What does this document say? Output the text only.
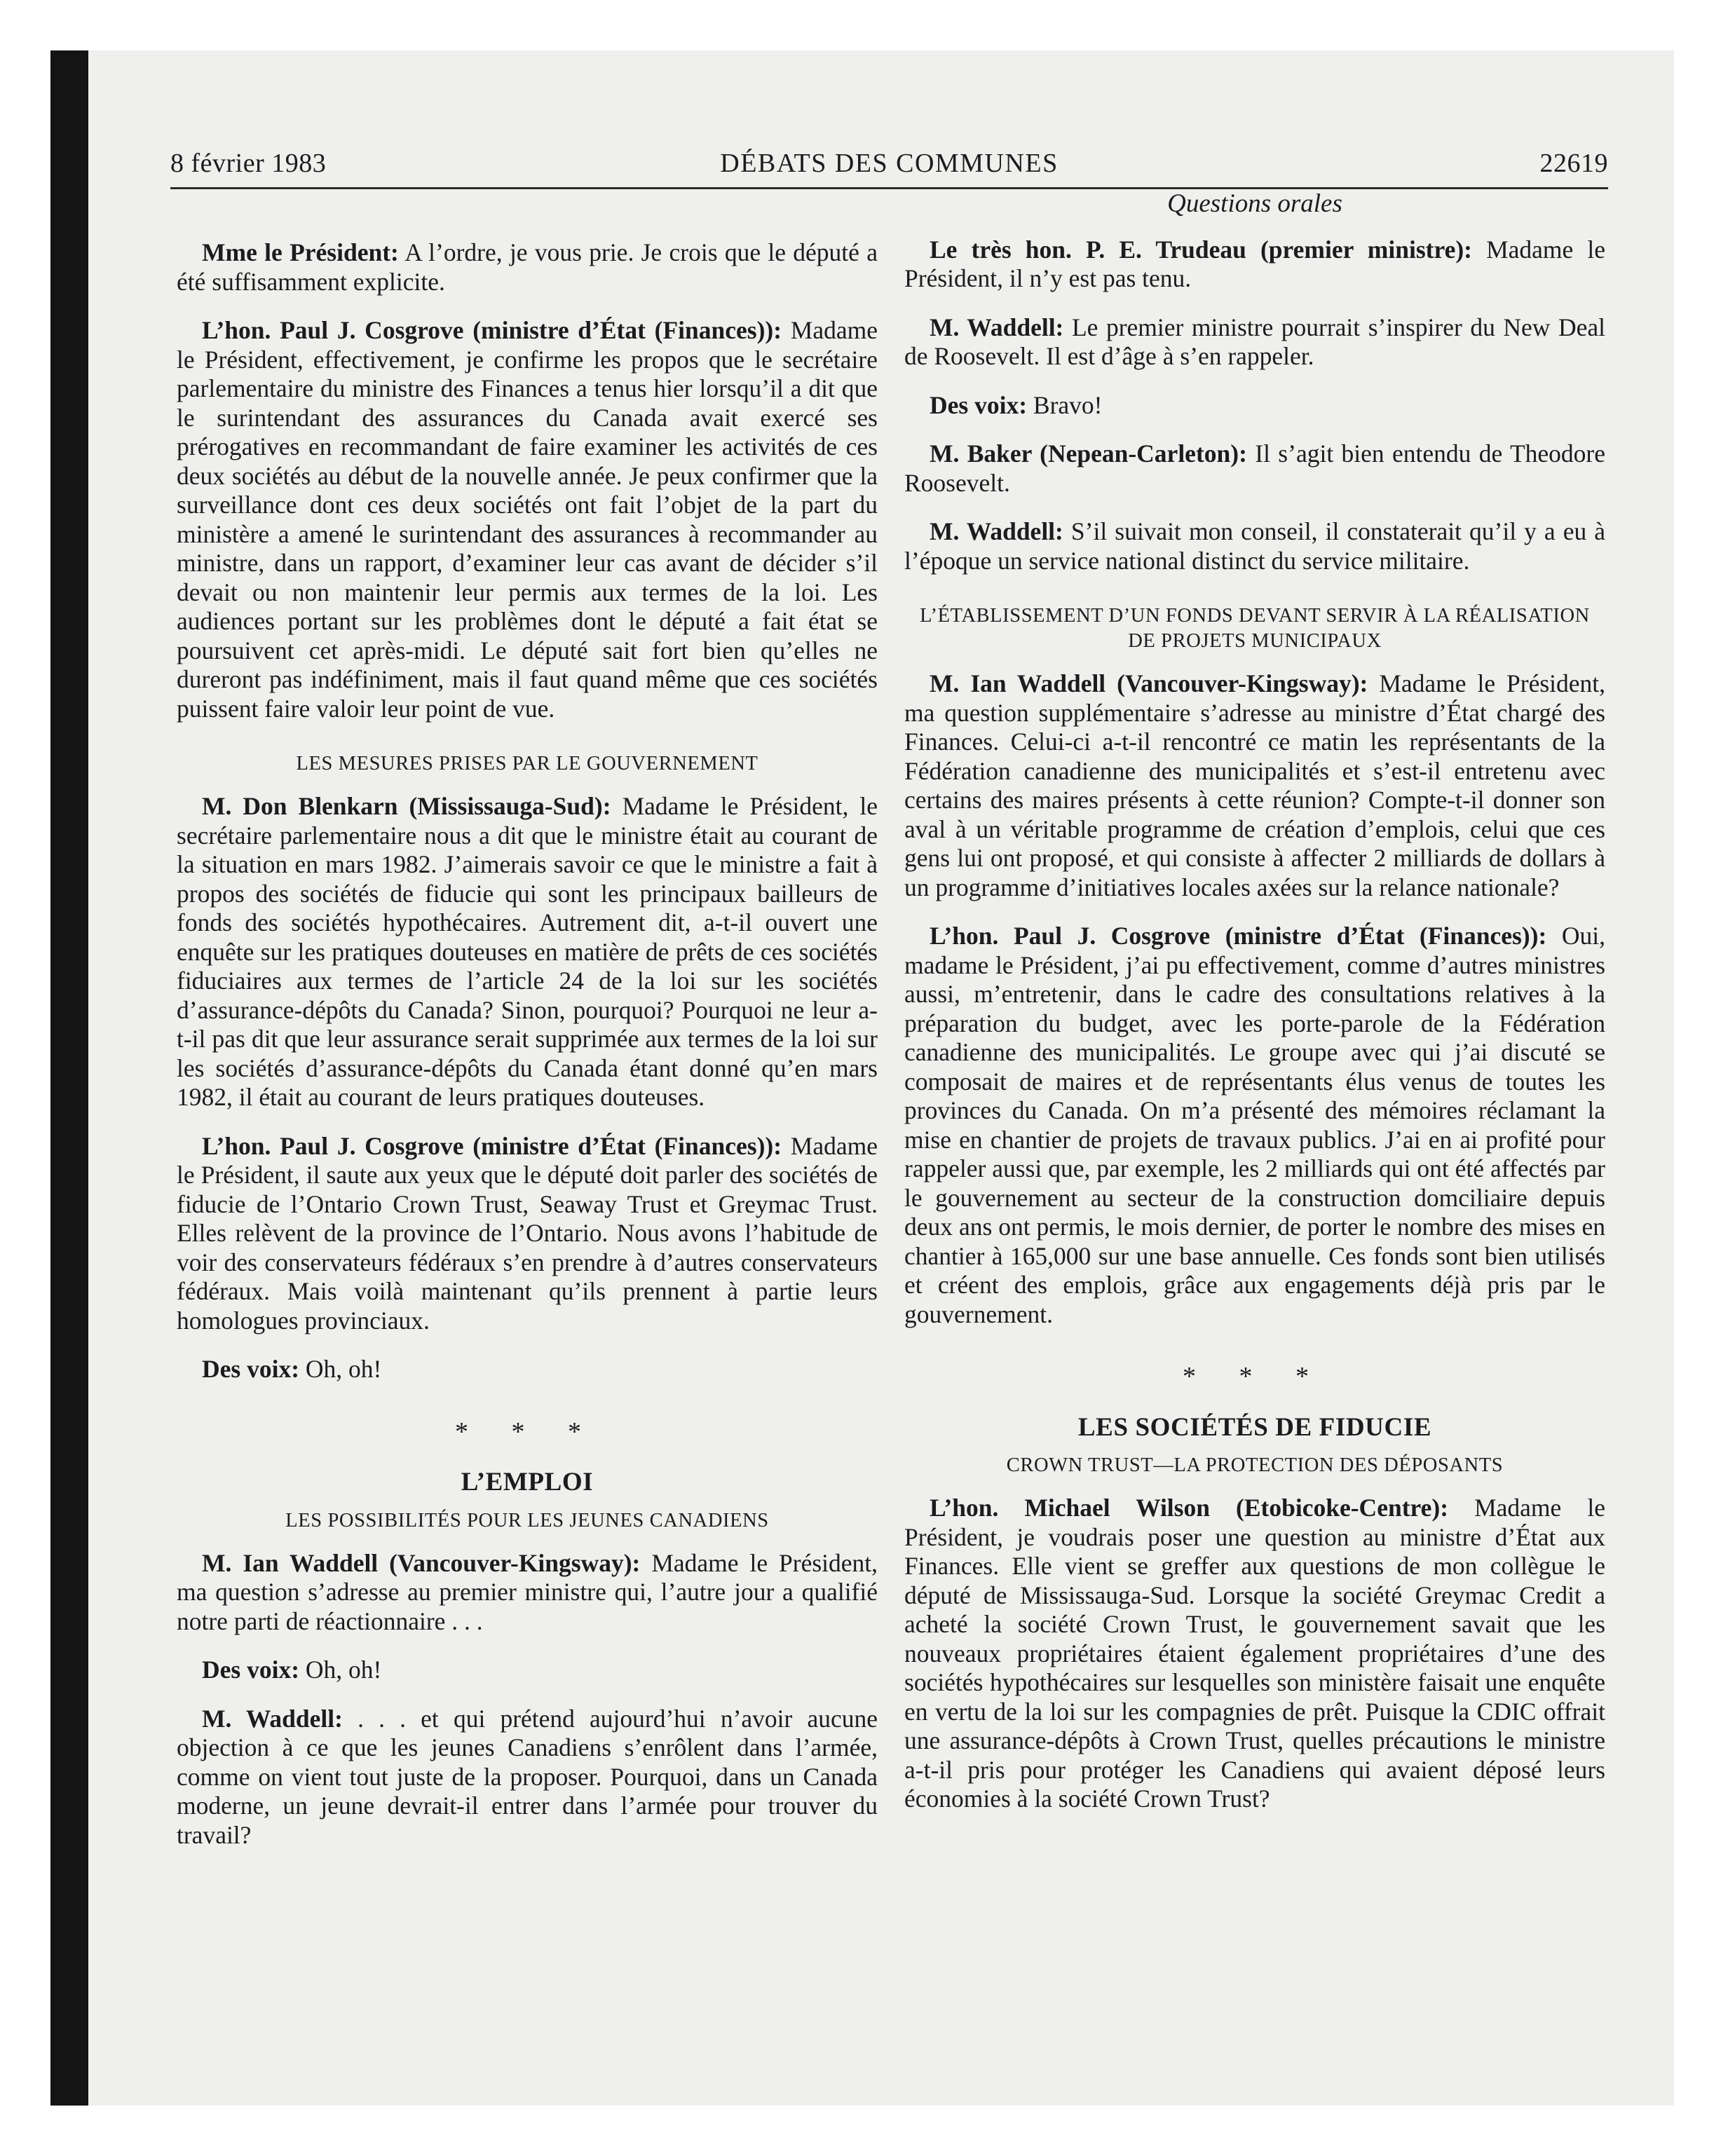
DÉBATS DES COMMUNES
8 février 1983	22619

Mme le Président: A l’ordre, je vous prie. Je crois que le député a été suffisamment explicite.

L’hon. Paul J. Cosgrove (ministre d’État (Finances)): Madame le Président, effectivement, je confirme les propos que le secrétaire parlementaire du ministre des Finances a tenus hier lorsqu’il a dit que le surintendant des assurances du Canada avait exercé ses prérogatives en recommandant de faire examiner les activités de ces deux sociétés au début de la nouvelle année. Je peux confirmer que la surveillance dont ces deux sociétés ont fait l’objet de la part du ministère a amené le surintendant des assurances à recommander au ministre, dans un rapport, d’examiner leur cas avant de décider s’il devait ou non maintenir leur permis aux termes de la loi. Les audiences portant sur les problèmes dont le député a fait état se poursuivent cet après-midi. Le député sait fort bien qu’elles ne dureront pas indéfiniment, mais il faut quand même que ces sociétés puissent faire valoir leur point de vue.

LES MESURES PRISES PAR LE GOUVERNEMENT

M. Don Blenkarn (Mississauga-Sud): Madame le Président, le secrétaire parlementaire nous a dit que le ministre était au courant de la situation en mars 1982. J’aimerais savoir ce que le ministre a fait à propos des sociétés de fiducie qui sont les principaux bailleurs de fonds des sociétés hypothécaires. Autrement dit, a-t-il ouvert une enquête sur les pratiques douteuses en matière de prêts de ces sociétés fiduciaires aux termes de l’article 24 de la loi sur les sociétés d’assurance-dépôts du Canada? Sinon, pourquoi? Pourquoi ne leur a-t-il pas dit que leur assurance serait supprimée aux termes de la loi sur les sociétés d’assurance-dépôts du Canada étant donné qu’en mars 1982, il était au courant de leurs pratiques douteuses.

L’hon. Paul J. Cosgrove (ministre d’État (Finances)): Madame le Président, il saute aux yeux que le député doit parler des sociétés de fiducie de l’Ontario Crown Trust, Seaway Trust et Greymac Trust. Elles relèvent de la province de l’Ontario. Nous avons l’habitude de voir des conservateurs fédéraux s’en prendre à d’autres conservateurs fédéraux. Mais voilà maintenant qu’ils prennent à partie leurs homologues provinciaux.

Des voix: Oh, oh!

* * *
L’EMPLOI
LES POSSIBILITÉS POUR LES JEUNES CANADIENS

M. Ian Waddell (Vancouver-Kingsway): Madame le Président, ma question s’adresse au premier ministre qui, l’autre jour a qualifié notre parti de réactionnaire . . .

Des voix: Oh, oh!

M. Waddell: . . . et qui prétend aujourd’hui n’avoir aucune objection à ce que les jeunes Canadiens s’enrôlent dans l’armée, comme on vient tout juste de la proposer. Pourquoi, dans un Canada moderne, un jeune devrait-il entrer dans l’armée pour trouver du travail?

Questions orales

Le très hon. P. E. Trudeau (premier ministre): Madame le Président, il n’y est pas tenu.

M. Waddell: Le premier ministre pourrait s’inspirer du New Deal de Roosevelt. Il est d’âge à s’en rappeler.

Des voix: Bravo!

M. Baker (Nepean-Carleton): Il s’agit bien entendu de Theodore Roosevelt.

M. Waddell: S’il suivait mon conseil, il constaterait qu’il y a eu à l’époque un service national distinct du service militaire.

L’ÉTABLISSEMENT D’UN FONDS DEVANT SERVIR À LA RÉALISATION DE PROJETS MUNICIPAUX

M. Ian Waddell (Vancouver-Kingsway): Madame le Président, ma question supplémentaire s’adresse au ministre d’État chargé des Finances. Celui-ci a-t-il rencontré ce matin les représentants de la Fédération canadienne des municipalités et s’est-il entretenu avec certains des maires présents à cette réunion? Compte-t-il donner son aval à un véritable programme de création d’emplois, celui que ces gens lui ont proposé, et qui consiste à affecter 2 milliards de dollars à un programme d’initiatives locales axées sur la relance nationale?

L’hon. Paul J. Cosgrove (ministre d’État (Finances)): Oui, madame le Président, j’ai pu effectivement, comme d’autres ministres aussi, m’entretenir, dans le cadre des consultations relatives à la préparation du budget, avec les porte-parole de la Fédération canadienne des municipalités. Le groupe avec qui j’ai discuté se composait de maires et de représentants élus venus de toutes les provinces du Canada. On m’a présenté des mémoires réclamant la mise en chantier de projets de travaux publics. J’ai en ai profité pour rappeler aussi que, par exemple, les 2 milliards qui ont été affectés par le gouvernement au secteur de la construction domciliaire depuis deux ans ont permis, le mois dernier, de porter le nombre des mises en chantier à 165,000 sur une base annuelle. Ces fonds sont bien utilisés et créent des emplois, grâce aux engagements déjà pris par le gouvernement.

* * *
LES SOCIÉTÉS DE FIDUCIE
CROWN TRUST—LA PROTECTION DES DÉPOSANTS

L’hon. Michael Wilson (Etobicoke-Centre): Madame le Président, je voudrais poser une question au ministre d’État aux Finances. Elle vient se greffer aux questions de mon collègue le député de Mississauga-Sud. Lorsque la société Greymac Credit a acheté la société Crown Trust, le gouvernement savait que les nouveaux propriétaires étaient également propriétaires d’une des sociétés hypothécaires sur lesquelles son ministère faisait une enquête en vertu de la loi sur les compagnies de prêt. Puisque la CDIC offrait une assurance-dépôts à Crown Trust, quelles précautions le ministre a-t-il pris pour protéger les Canadiens qui avaient déposé leurs économies à la société Crown Trust?
